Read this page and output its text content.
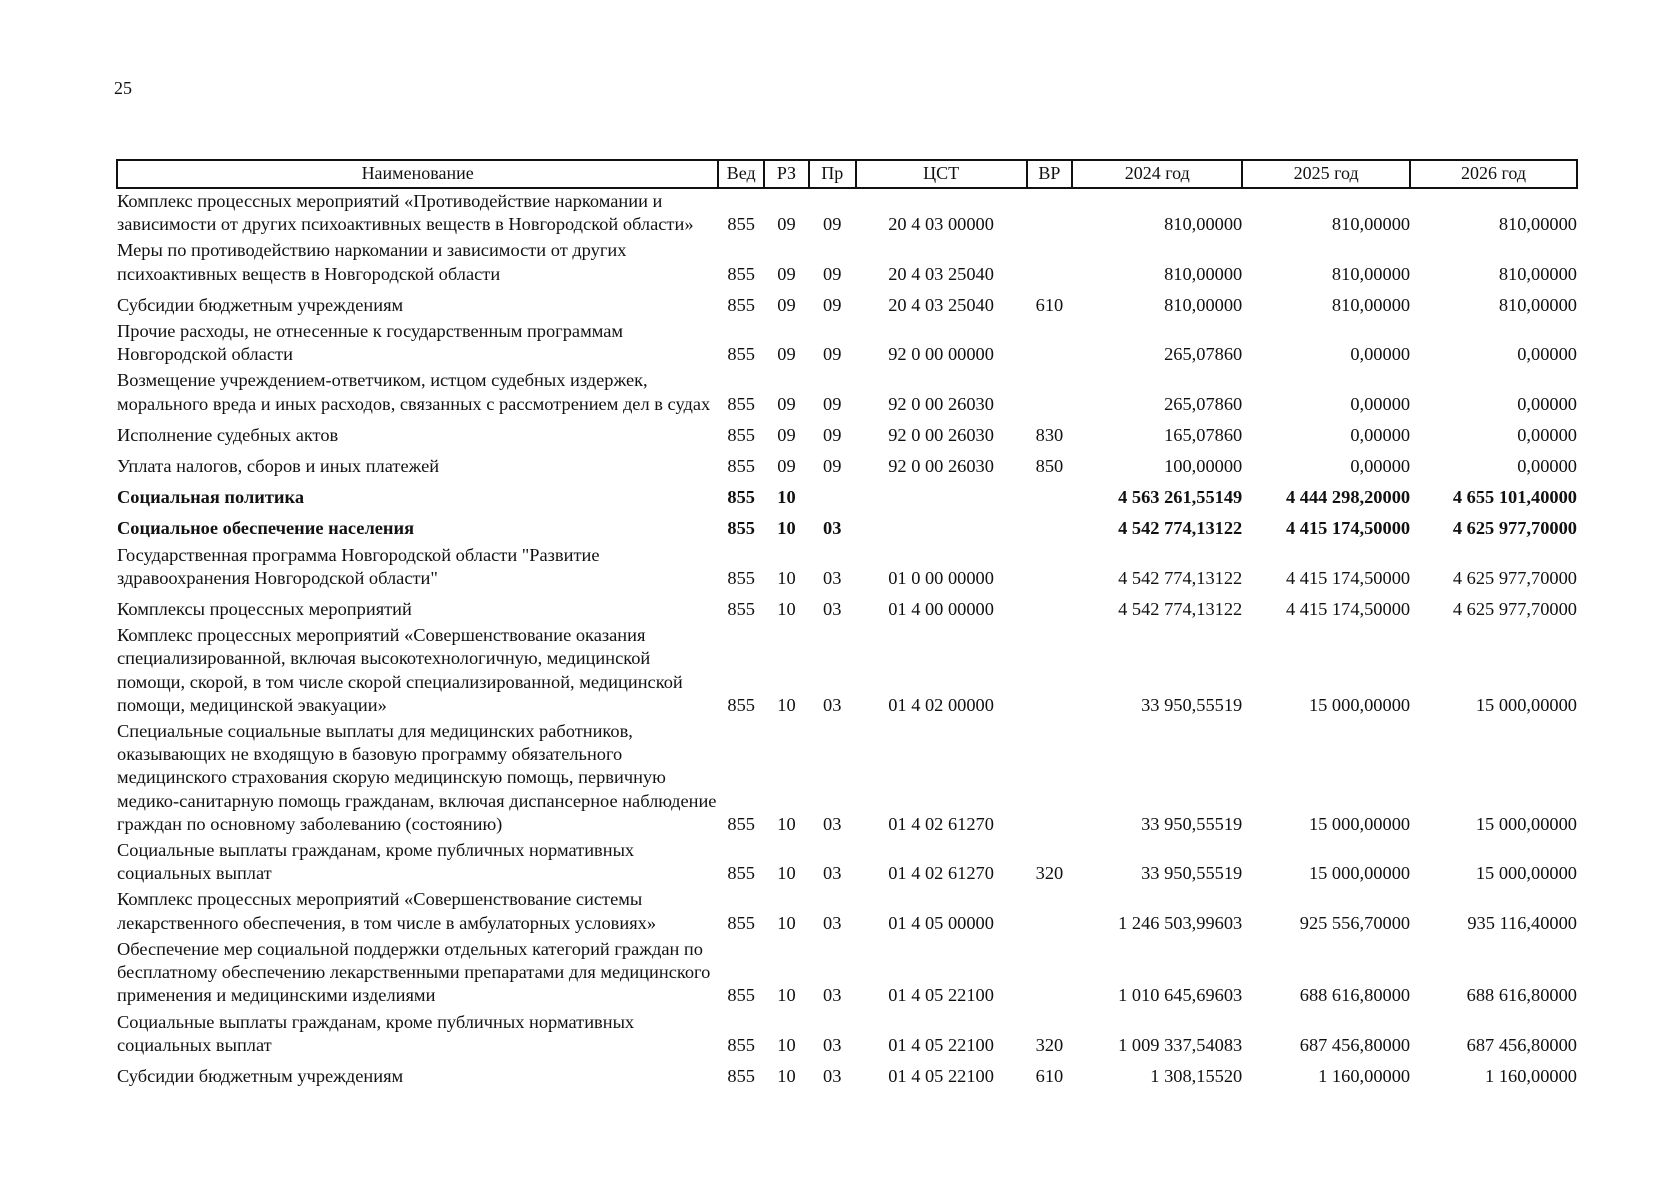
25
Наименование	Вед	РЗ	Пр	ЦСТ	ВР	2024 год	2025 год	2026 год
Комплекс процессных мероприятий «Противодействие наркомании и зависимости от других психоактивных веществ в Новгородской области»	855	09	09	20 4 03 00000		810,00000	810,00000	810,00000
Меры по противодействию наркомании и зависимости от других психоактивных веществ в Новгородской области	855	09	09	20 4 03 25040		810,00000	810,00000	810,00000
Субсидии бюджетным учреждениям	855	09	09	20 4 03 25040	610	810,00000	810,00000	810,00000
Прочие расходы, не отнесенные к государственным программам Новгородской области	855	09	09	92 0 00 00000		265,07860	0,00000	0,00000
Возмещение учреждением-ответчиком, истцом судебных издержек, морального вреда и иных расходов, связанных с рассмотрением дел в судах	855	09	09	92 0 00 26030		265,07860	0,00000	0,00000
Исполнение судебных актов	855	09	09	92 0 00 26030	830	165,07860	0,00000	0,00000
Уплата налогов, сборов и иных платежей	855	09	09	92 0 00 26030	850	100,00000	0,00000	0,00000
Социальная политика	855	10				4 563 261,55149	4 444 298,20000	4 655 101,40000
Социальное обеспечение населения	855	10	03			4 542 774,13122	4 415 174,50000	4 625 977,70000
Государственная программа Новгородской области "Развитие здравоохранения Новгородской области"	855	10	03	01 0 00 00000		4 542 774,13122	4 415 174,50000	4 625 977,70000
Комплексы процессных мероприятий	855	10	03	01 4 00 00000		4 542 774,13122	4 415 174,50000	4 625 977,70000
Комплекс процессных мероприятий «Совершенствование оказания специализированной, включая высокотехнологичную, медицинской помощи, скорой, в том числе скорой специализированной, медицинской помощи, медицинской эвакуации»	855	10	03	01 4 02 00000		33 950,55519	15 000,00000	15 000,00000
Специальные социальные выплаты для медицинских работников, оказывающих не входящую в базовую программу обязательного медицинского страхования скорую медицинскую помощь, первичную медико-санитарную помощь гражданам, включая диспансерное наблюдение граждан по основному заболеванию (состоянию)	855	10	03	01 4 02 61270		33 950,55519	15 000,00000	15 000,00000
Социальные выплаты гражданам, кроме публичных нормативных социальных выплат	855	10	03	01 4 02 61270	320	33 950,55519	15 000,00000	15 000,00000
Комплекс процессных мероприятий «Совершенствование системы лекарственного обеспечения, в том числе в амбулаторных условиях»	855	10	03	01 4 05 00000		1 246 503,99603	925 556,70000	935 116,40000
Обеспечение мер социальной поддержки отдельных категорий граждан по бесплатному обеспечению лекарственными препаратами для медицинского применения и медицинскими изделиями	855	10	03	01 4 05 22100		1 010 645,69603	688 616,80000	688 616,80000
Социальные выплаты гражданам, кроме публичных нормативных социальных выплат	855	10	03	01 4 05 22100	320	1 009 337,54083	687 456,80000	687 456,80000
Субсидии бюджетным учреждениям	855	10	03	01 4 05 22100	610	1 308,15520	1 160,00000	1 160,00000
